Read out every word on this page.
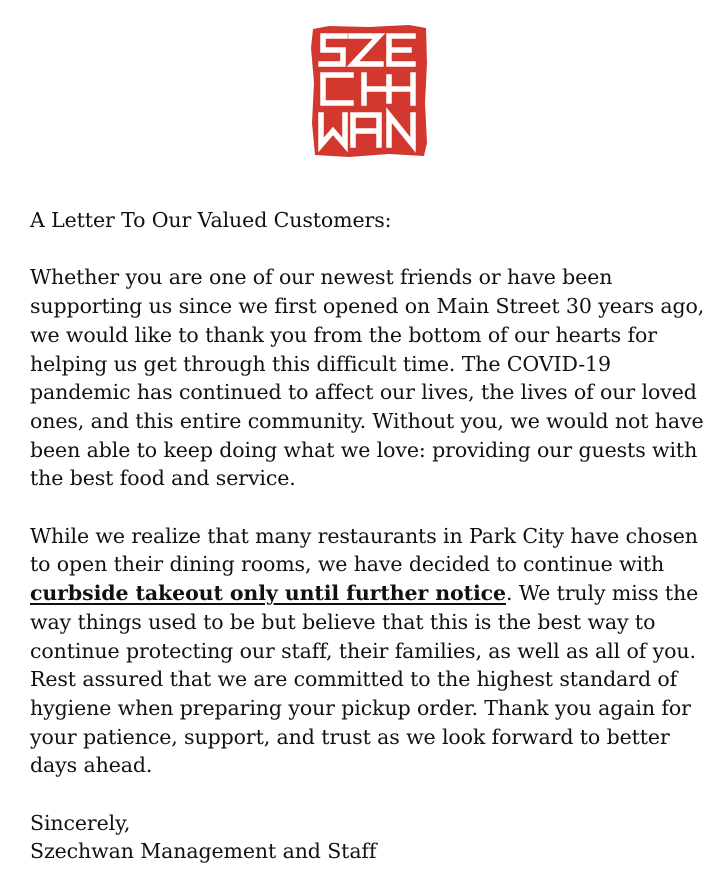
A Letter To Our Valued Customers:

Whether you are one of our newest friends or have been
supporting us since we first opened on Main Street 30 years ago,
we would like to thank you from the bottom of our hearts for
helping us get through this difficult time. The COVID-19
pandemic has continued to affect our lives, the lives of our loved
ones, and this entire community. Without you, we would not have
been able to keep doing what we love: providing our guests with
the best food and service.

While we realize that many restaurants in Park City have chosen
to open their dining rooms, we have decided to continue with
curbside takeout only until further notice. We truly miss the
way things used to be but believe that this is the best way to
continue protecting our staff, their families, as well as all of you.
Rest assured that we are committed to the highest standard of
hygiene when preparing your pickup order. Thank you again for
your patience, support, and trust as we look forward to better
days ahead.

Sincerely,

Szechwan Management and Staff
